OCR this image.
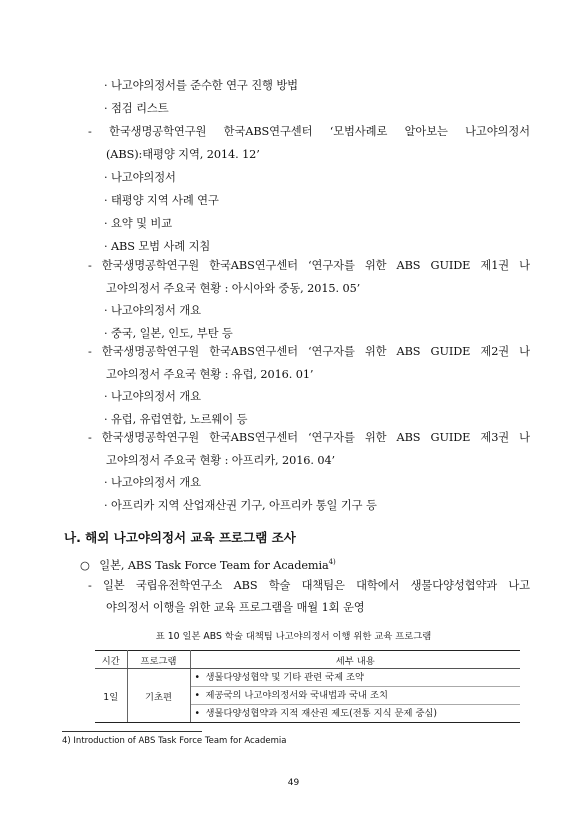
· 나고야의정서를 준수한 연구 진행 방법
· 점검 리스트
- 한국생명공학연구원 한국ABS연구센터 ‘모범사례로 알아보는 나고야의정서
(ABS):태평양 지역, 2014. 12’
· 나고야의정서
· 태평양 지역 사례 연구
· 요약 및 비교
· ABS 모범 사례 지침
- 한국생명공학연구원 한국ABS연구센터 ‘연구자를 위한 ABS GUIDE 제1권 나
고야의정서 주요국 현황 : 아시아와 중동, 2015. 05’
· 나고야의정서 개요
· 중국, 일본, 인도, 부탄 등
- 한국생명공학연구원 한국ABS연구센터 ‘연구자를 위한 ABS GUIDE 제2권 나
고야의정서 주요국 현황 : 유럽, 2016. 01’
· 나고야의정서 개요
· 유럽, 유럽연합, 노르웨이 등
- 한국생명공학연구원 한국ABS연구센터 ‘연구자를 위한 ABS GUIDE 제3권 나
고야의정서 주요국 현황 : 아프리카, 2016. 04’
· 나고야의정서 개요
· 아프리카 지역 산업재산권 기구, 아프리카 통일 기구 등
나. 해외 나고야의정서 교육 프로그램 조사
○ 일본, ABS Task Force Team for Academia$^{4)}$
- 일본 국립유전학연구소 ABS 학술 대책팀은 대학에서 생물다양성협약과 나고
야의정서 이행을 위한 교육 프로그램을 매월 1회 운영
표 10 일본 ABS 학술 대책팀 나고야의정서 이행 위한 교육 프로그램
시간	프로그램	세부 내용
1일	기초편	• 생물다양성협약 및 기타 관련 국제 조약
• 제공국의 나고야의정서와 국내법과 국내 조치
• 생물다양성협약과 지적 재산권 제도(전통 지식 문제 중심)
4) Introduction of ABS Task Force Team for Academia
49
